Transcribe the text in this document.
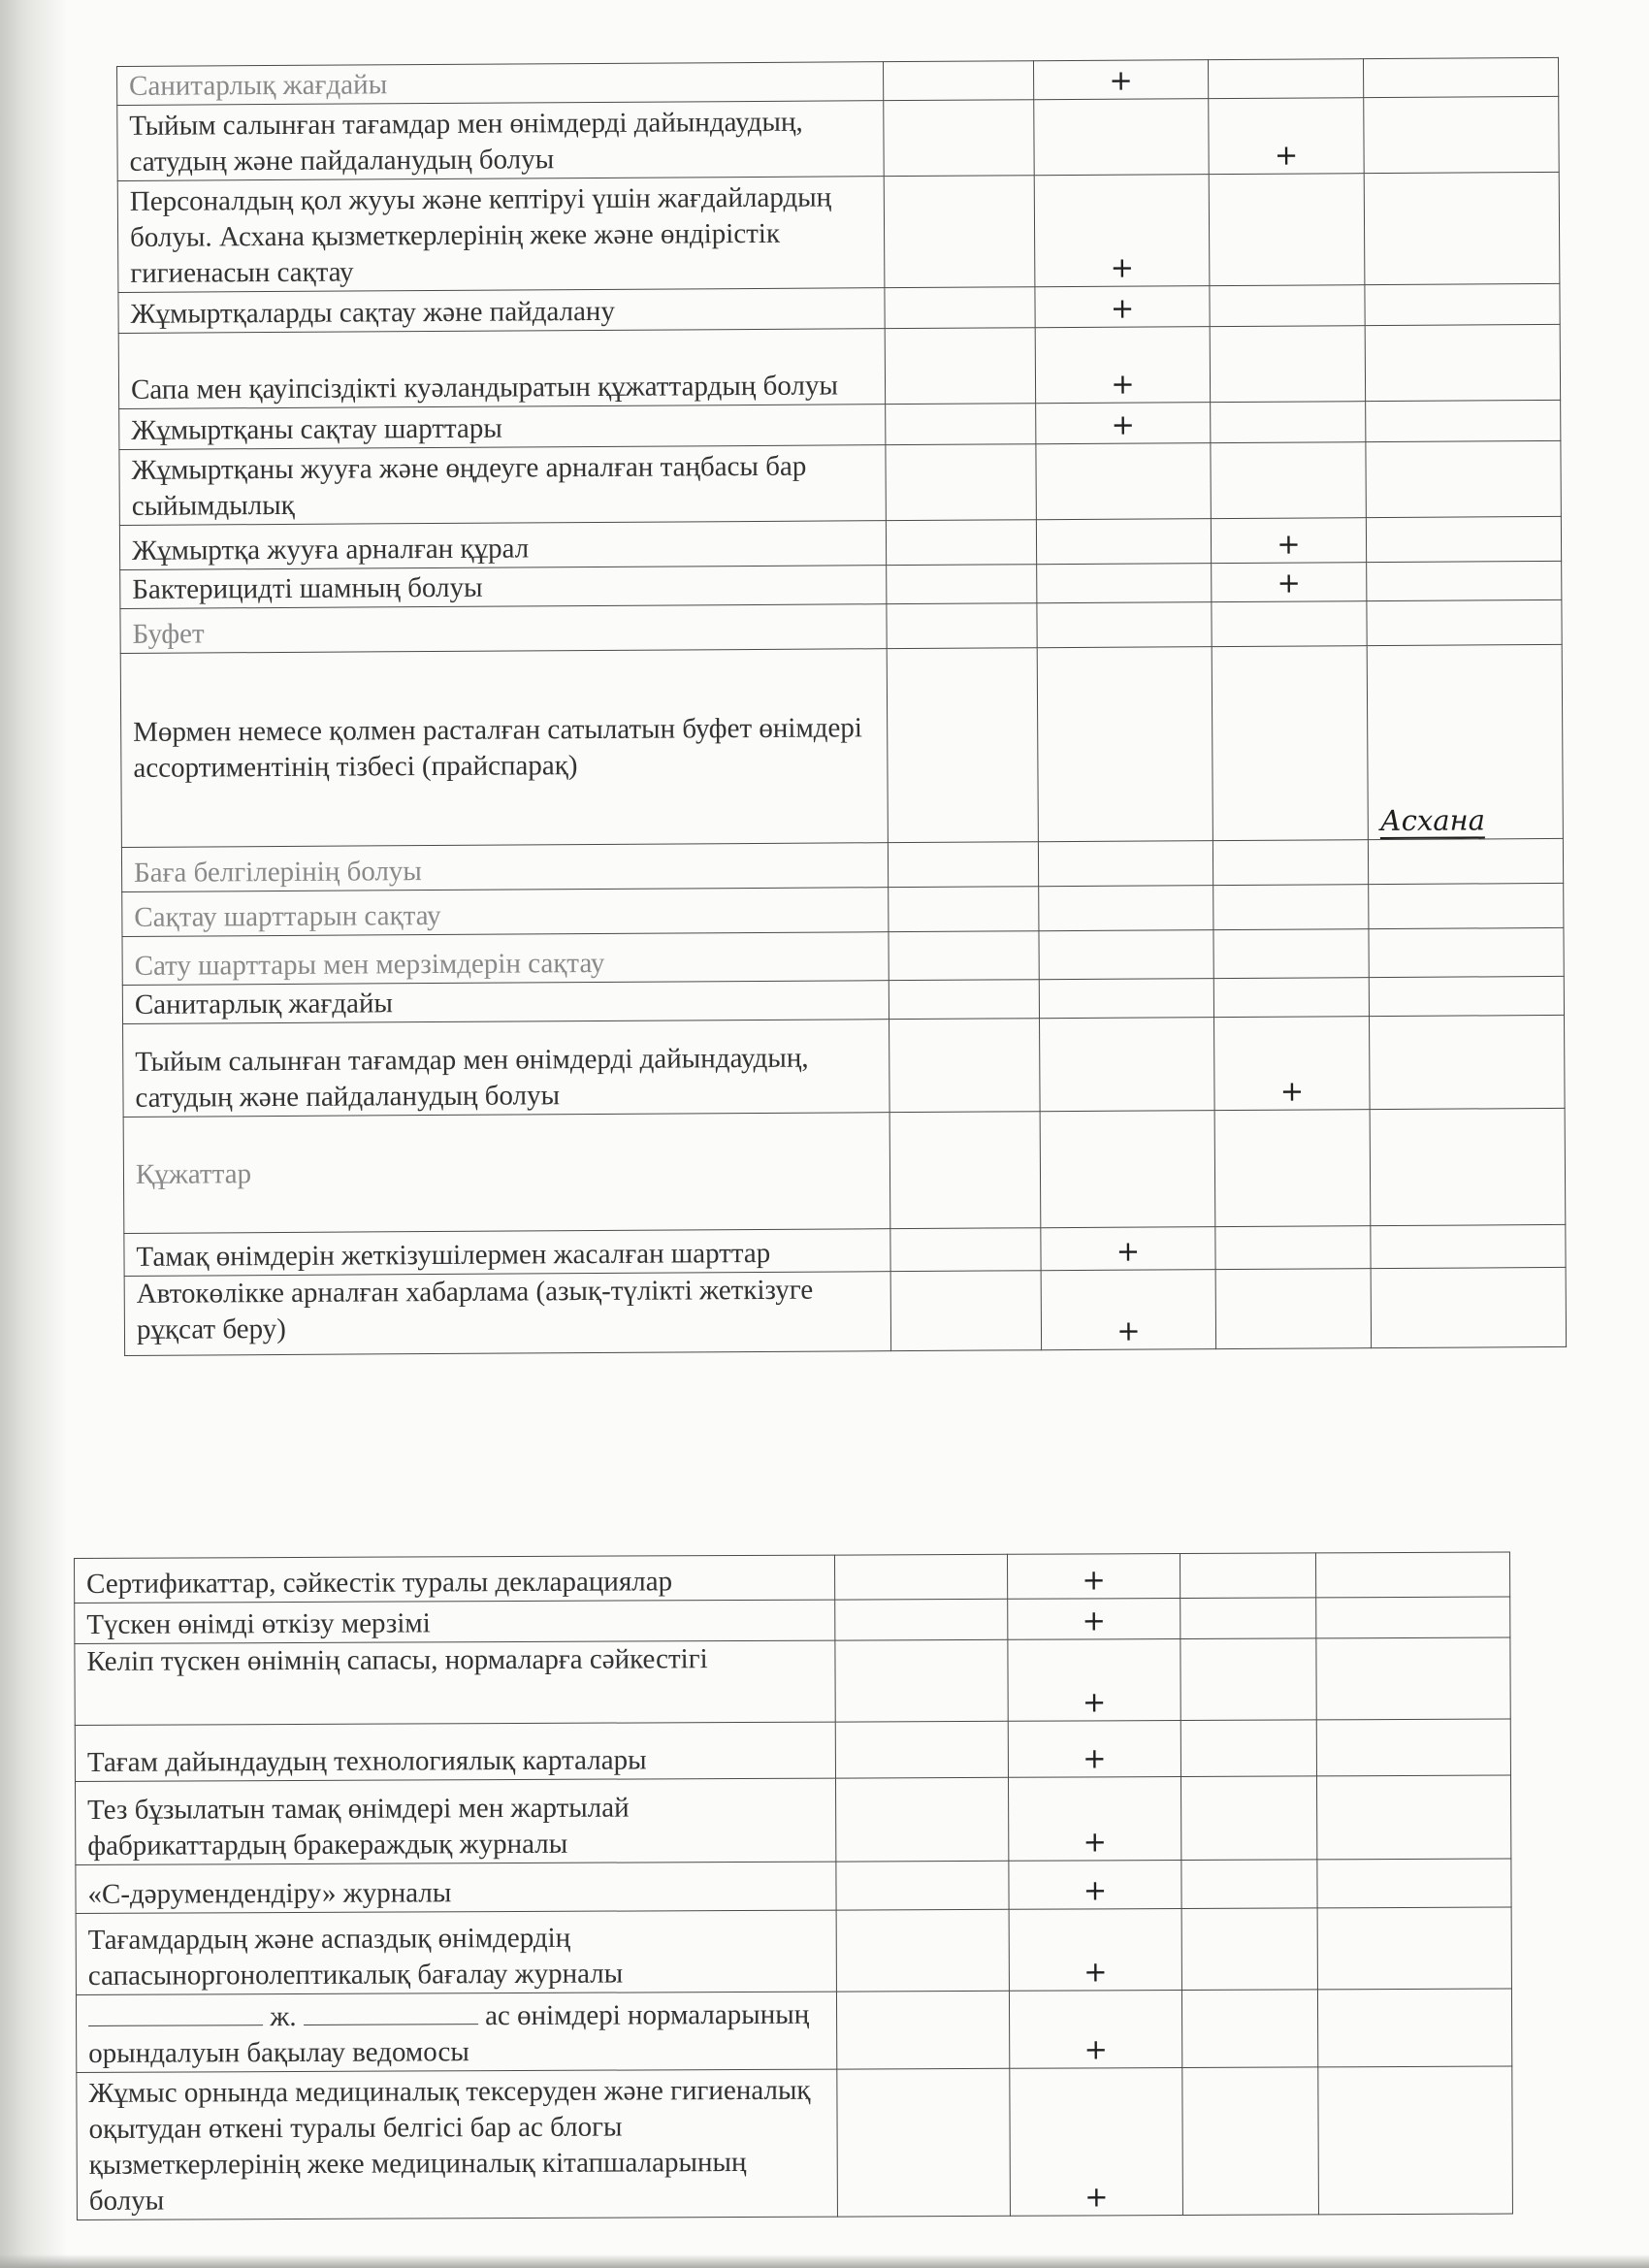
Санитарлық жағдайы		+		
Тыйым салынған тағамдар мен өнімдерді дайындаудың, сатудың және пайдаланудың болуы			+	
Персоналдың қол жууы және кептіруі үшін жағдайлардың болуы. Асхана қызметкерлерінің жеке және өндірістік гигиенасын сақтау		+		
Жұмыртқаларды сақтау және пайдалану		+		
Сапа мен қауіпсіздікті куәландыратын құжаттардың болуы		+		
Жұмыртқаны сақтау шарттары		+		
Жұмыртқаны жууға және өңдеуге арналған таңбасы бар сыйымдылық				
Жұмыртқа жууға арналған құрал			+	
Бактерицидті шамның болуы			+	
Буфет				
Мөрмен немесе қолмен расталған сатылатын буфет өнімдері ассортиментінің тізбесі (прайспарақ)				Асхана
Баға белгілерінің болуы				
Сақтау шарттарын сақтау				
Сату шарттары мен мерзімдерін сақтау				
Санитарлық жағдайы				
Тыйым салынған тағамдар мен өнімдерді дайындаудың, сатудың және пайдаланудың болуы			+	
Құжаттар				
Тамақ өнімдерін жеткізушілермен жасалған шарттар		+		
Автокөлікке арналған хабарлама (азық-түлікті жеткізуге рұқсат беру)		+		
Сертификаттар, сәйкестік туралы декларациялар		+		
Түскен өнімді өткізу мерзімі		+		
Келіп түскен өнімнің сапасы, нормаларға сәйкестігі		+		
Тағам дайындаудың технологиялық карталары		+		
Тез бұзылатын тамақ өнімдері мен жартылай фабрикаттардың бракераждық журналы		+		
«С-дәрумендендіру» журналы		+		
Тағамдардың және аспаздық өнімдердің сапасыноргонолептикалық бағалау журналы		+		
ж. ас өнімдері нормаларының орындалуын бақылау ведомосы		+		
Жұмыс орнында медициналық тексеруден және гигиеналық оқытудан өткені туралы белгісі бар ас блогы қызметкерлерінің жеке медициналық кітапшаларының болуы		+		
